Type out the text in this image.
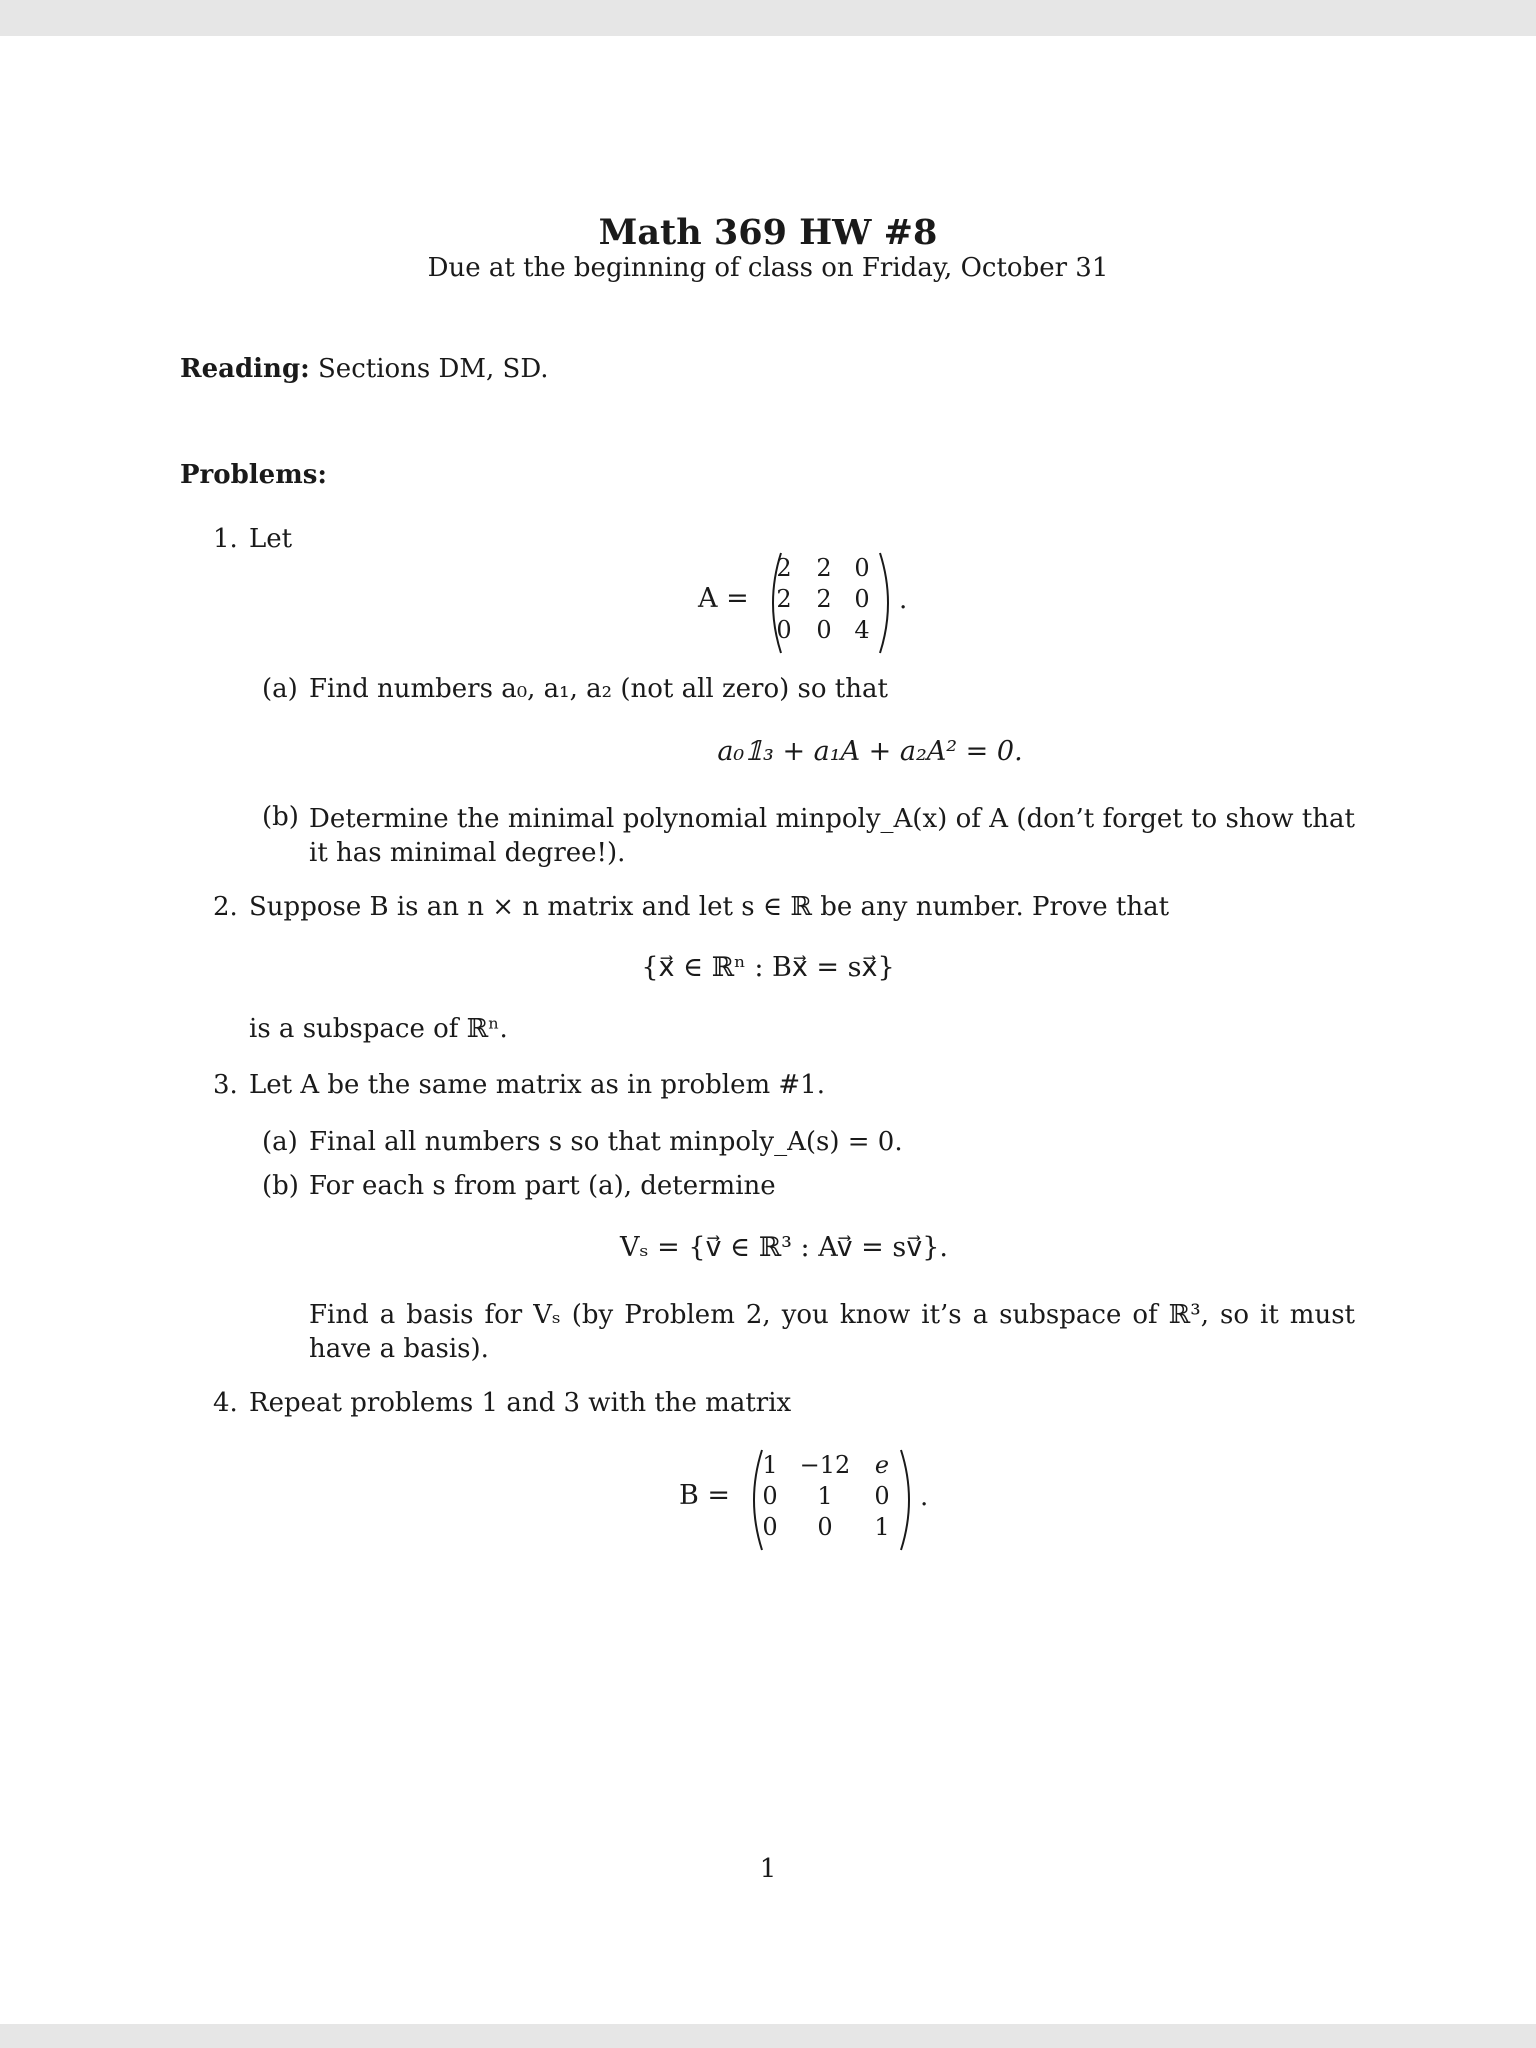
Math 369 HW #8
Due at the beginning of class on Friday, October 31
Reading: Sections DM, SD.
Problems:
1. Let
A =
2	2 0
2	2 0
0	0 4
.
(a) Find numbers a₀, a₁, a₂ (not all zero) so that
a₀𝟙₃ + a₁A + a₂A² = 0.
(b) Determine the minimal polynomial minpoly_A(x) of A (don’t forget to show that it has minimal degree!).
2. Suppose B is an n × n matrix and let s ∈ ℝ be any number. Prove that
{x⃗ ∈ ℝⁿ : Bx⃗ = sx⃗}
is a subspace of ℝⁿ.
3. Let A be the same matrix as in problem #1.
(a) Final all numbers s so that minpoly_A(s) = 0.
(b) For each s from part (a), determine
Vₛ = {v⃗ ∈ ℝ³ : Av⃗ = sv⃗}.
Find a basis for Vₛ (by Problem 2, you know it’s a subspace of ℝ³, so it must have a basis).
4. Repeat problems 1 and 3 with the matrix
B =
1 −12	e
0	1	0
0	0	1
.
1
